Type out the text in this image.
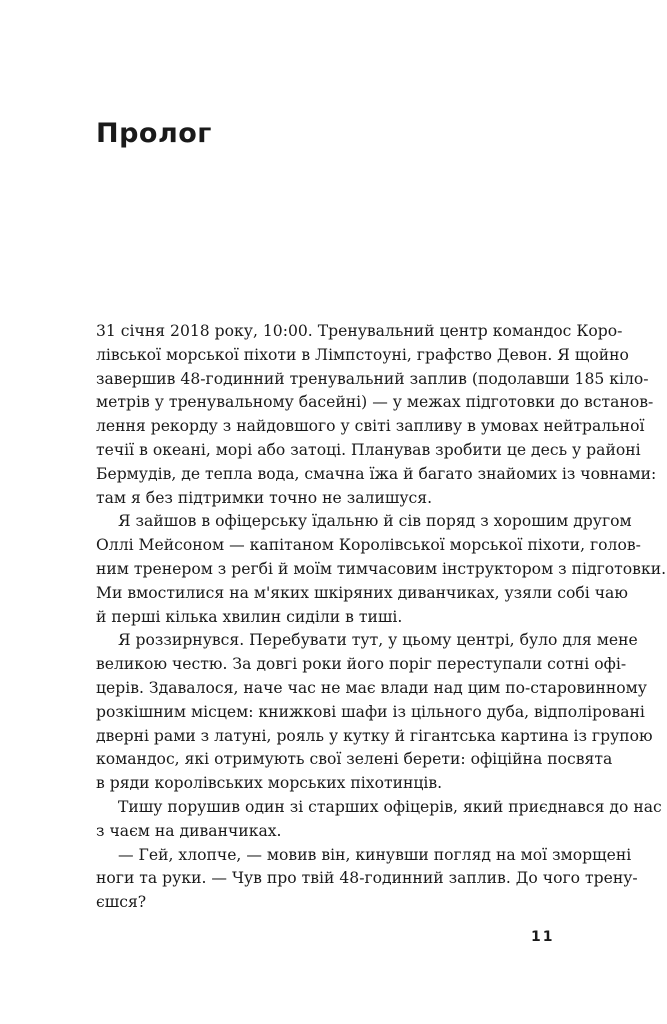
Пролог
31 січня 2018 року, 10:00. Тренувальний центр командос Коро-
лівської морської піхоти в Лімпстоуні, графство Девон. Я щойно
завершив 48-годинний тренувальний заплив (подолавши 185 кіло-
метрів у тренувальному басейні) — у межах підготовки до встанов-
лення рекорду з найдовшого у світі запливу в умовах нейтральної
течії в океані, морі або затоці. Планував зробити це десь у районі
Бермудів, де тепла вода, смачна їжа й багато знайомих із човнами:
там я без підтримки точно не залишуся.
Я зайшов в офіцерську їдальню й сів поряд з хорошим другом
Оллі Мейсоном — капітаном Королівської морської піхоти, голов-
ним тренером з регбі й моїм тимчасовим інструктором з підготовки.
Ми вмостилися на м'яких шкіряних диванчиках, узяли собі чаю
й перші кілька хвилин сиділи в тиші.
Я роззирнувся. Перебувати тут, у цьому центрі, було для мене
великою честю. За довгі роки його поріг переступали сотні офі-
церів. Здавалося, наче час не має влади над цим по-старовинному
розкішним місцем: книжкові шафи із цільного дуба, відполіровані
дверні рами з латуні, рояль у кутку й гігантська картина із групою
командос, які отримують свої зелені берети: офіційна посвята
в ряди королівських морських піхотинців.
Тишу порушив один зі старших офіцерів, який приєднався до нас
з чаєм на диванчиках.
— Гей, хлопче, — мовив він, кинувши погляд на мої зморщені
ноги та руки. — Чув про твій 48-годинний заплив. До чого трену-
єшся?
11
